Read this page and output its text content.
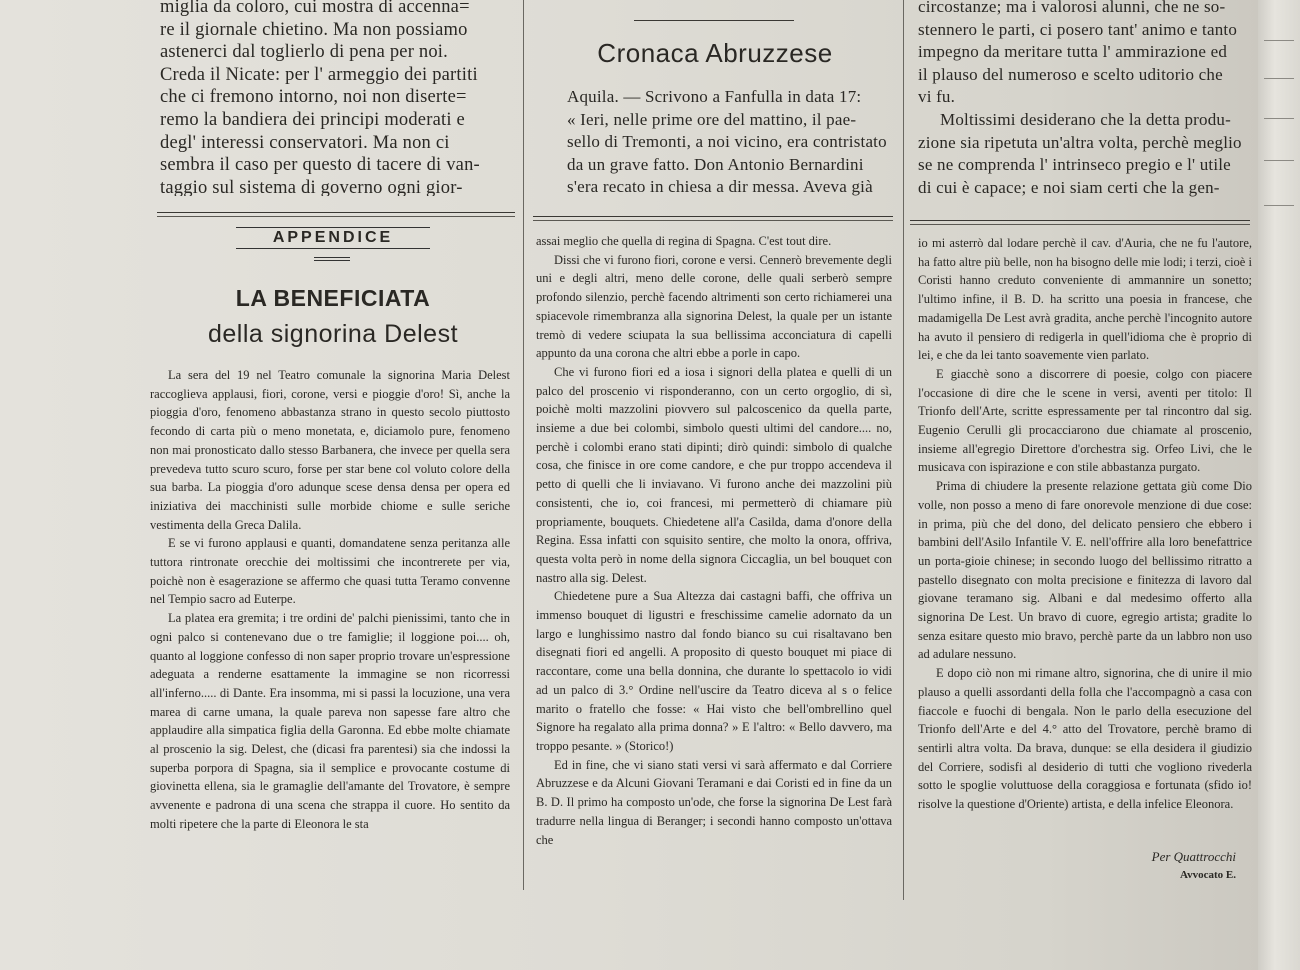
miglia da coloro, cui mostra di accenna=

re il giornale chietino. Ma non possiamo

astenerci dal toglierlo di pena per noi.

Creda il Nicate: per l' armeggio dei partiti

che ci fremono intorno, noi non diserte=

remo la bandiera dei principi moderati e

degl' interessi conservatori. Ma non ci

sembra il caso per questo di tacere di van-

taggio sul sistema di governo ogni gior-

Cronaca Abruzzese

Aquila. — Scrivono a Fanfulla in data 17:

« Ieri, nelle prime ore del mattino, il pae-

sello di Tremonti, a noi vicino, era contristato

da un grave fatto. Don Antonio Bernardini

s'era recato in chiesa a dir messa. Aveva già

circostanze; ma i valorosi alunni, che ne so-

stennero le parti, ci posero tant' animo e tanto

impegno da meritare tutta l' ammirazione ed

il plauso del numeroso e scelto uditorio che

vi fu.

Moltissimi desiderano che la detta produ-

zione sia ripetuta un'altra volta, perchè meglio

se ne comprenda l' intrinseco pregio e l' utile

di cui è capace; e noi siam certi che la gen-

APPENDICE
LA BENEFICIATA
della signorina Delest

La sera del 19 nel Teatro comunale la signorina Maria Delest raccoglieva applausi, fiori, corone, versi e pioggie d'oro! Sì, anche la pioggia d'oro, fenomeno abbastanza strano in questo secolo piuttosto fecondo di carta più o meno monetata, e, diciamolo pure, fenomeno non mai pronosticato dallo stesso Barbanera, che invece per quella sera prevedeva tutto scuro scuro, forse per star bene col voluto colore della sua barba. La pioggia d'oro adunque scese densa densa per opera ed iniziativa dei macchinisti sulle morbide chiome e sulle seriche vestimenta della Greca Dalila.

E se vi furono applausi e quanti, domandatene senza peritanza alle tuttora rintronate orecchie dei moltissimi che incontrerete per via, poichè non è esagerazione se affermo che quasi tutta Teramo convenne nel Tempio sacro ad Euterpe.

La platea era gremita; i tre ordini de' palchi pienissimi, tanto che in ogni palco si contenevano due o tre famiglie; il loggione poi.... oh, quanto al loggione confesso di non saper proprio trovare un'espressione adeguata a renderne esattamente la immagine se non ricorressi all'inferno..... di Dante. Era insomma, mi si passi la locuzione, una vera marea di carne umana, la quale pareva non sapesse fare altro che applaudire alla simpatica figlia della Garonna. Ed ebbe molte chiamate al proscenio la sig. Delest, che (dicasi fra parentesi) sia che indossi la superba porpora di Spagna, sia il semplice e provocante costume di giovinetta ellena, sia le gramaglie dell'amante del Trovatore, è sempre avvenente e padrona di una scena che strappa il cuore. Ho sentito da molti ripetere che la parte di Eleonora le sta

assai meglio che quella di regina di Spagna. C'est tout dire.

Dissi che vi furono fiori, corone e versi. Cennerò brevemente degli uni e degli altri, meno delle corone, delle quali serberò sempre profondo silenzio, perchè facendo altrimenti son certo richiamerei una spiacevole rimembranza alla signorina Delest, la quale per un istante tremò di vedere sciupata la sua bellissima acconciatura di capelli appunto da una corona che altri ebbe a porle in capo.

Che vi furono fiori ed a iosa i signori della platea e quelli di un palco del proscenio vi risponderanno, con un certo orgoglio, di sì, poichè molti mazzolini piovvero sul palcoscenico da quella parte, insieme a due bei colombi, simbolo questi ultimi del candore.... no, perchè i colombi erano stati dipinti; dirò quindi: simbolo di qualche cosa, che finisce in ore come candore, e che pur troppo accendeva il petto di quelli che li inviavano. Vi furono anche dei mazzolini più consistenti, che io, coi francesi, mi permetterò di chiamare più propriamente, bouquets. Chiedetene all'a Casilda, dama d'onore della Regina. Essa infatti con squisito sentire, che molto la onora, offriva, questa volta però in nome della signora Ciccaglia, un bel bouquet con nastro alla sig. Delest.

Chiedetene pure a Sua Altezza dai castagni baffi, che offriva un immenso bouquet di ligustri e freschissime camelie adornato da un largo e lunghissimo nastro dal fondo bianco su cui risaltavano ben disegnati fiori ed angelli. A proposito di questo bouquet mi piace di raccontare, come una bella donnina, che durante lo spettacolo io vidi ad un palco di 3.° Ordine nell'uscire da Teatro diceva al s o felice marito o fratello che fosse: « Hai visto che bell'ombrellino quel Signore ha regalato alla prima donna? » E l'altro: « Bello davvero, ma troppo pesante. » (Storico!)

Ed in fine, che vi siano stati versi vi sarà affermato e dal Corriere Abruzzese e da Alcuni Giovani Teramani e dai Coristi ed in fine da un B. D. Il primo ha composto un'ode, che forse la signorina De Lest farà tradurre nella lingua di Beranger; i secondi hanno composto un'ottava che

io mi asterrò dal lodare perchè il cav. d'Auria, che ne fu l'autore, ha fatto altre più belle, non ha bisogno delle mie lodi; i terzi, cioè i Coristi hanno creduto conveniente di ammannire un sonetto; l'ultimo infine, il B. D. ha scritto una poesia in francese, che madamigella De Lest avrà gradita, anche perchè l'incognito autore ha avuto il pensiero di redigerla in quell'idioma che è proprio di lei, e che da lei tanto soavemente vien parlato.

E giacchè sono a discorrere di poesie, colgo con piacere l'occasione di dire che le scene in versi, aventi per titolo: Il Trionfo dell'Arte, scritte espressamente per tal rincontro dal sig. Eugenio Cerulli gli procacciarono due chiamate al proscenio, insieme all'egregio Direttore d'orchestra sig. Orfeo Livi, che le musicava con ispirazione e con stile abbastanza purgato.

Prima di chiudere la presente relazione gettata giù come Dio volle, non posso a meno di fare onorevole menzione di due cose: in prima, più che del dono, del delicato pensiero che ebbero i bambini dell'Asilo Infantile V. E. nell'offrire alla loro benefattrice un porta-gioie chinese; in secondo luogo del bellissimo ritratto a pastello disegnato con molta precisione e finitezza di lavoro dal giovane teramano sig. Albani e dal medesimo offerto alla signorina De Lest. Un bravo di cuore, egregio artista; gradite lo senza esitare questo mio bravo, perchè parte da un labbro non uso ad adulare nessuno.

E dopo ciò non mi rimane altro, signorina, che di unire il mio plauso a quelli assordanti della folla che l'accompagnò a casa con fiaccole e fuochi di bengala. Non le parlo della esecuzione del Trionfo dell'Arte e del 4.° atto del Trovatore, perchè bramo di sentirli altra volta. Da brava, dunque: se ella desidera il giudizio del Corriere, sodisfi al desiderio di tutti che vogliono rivederla sotto le spoglie voluttuose della coraggiosa e fortunata (sfido io! risolve la questione d'Oriente) artista, e della infelice Eleonora.

Per Quattrocchi
Avvocato E.
